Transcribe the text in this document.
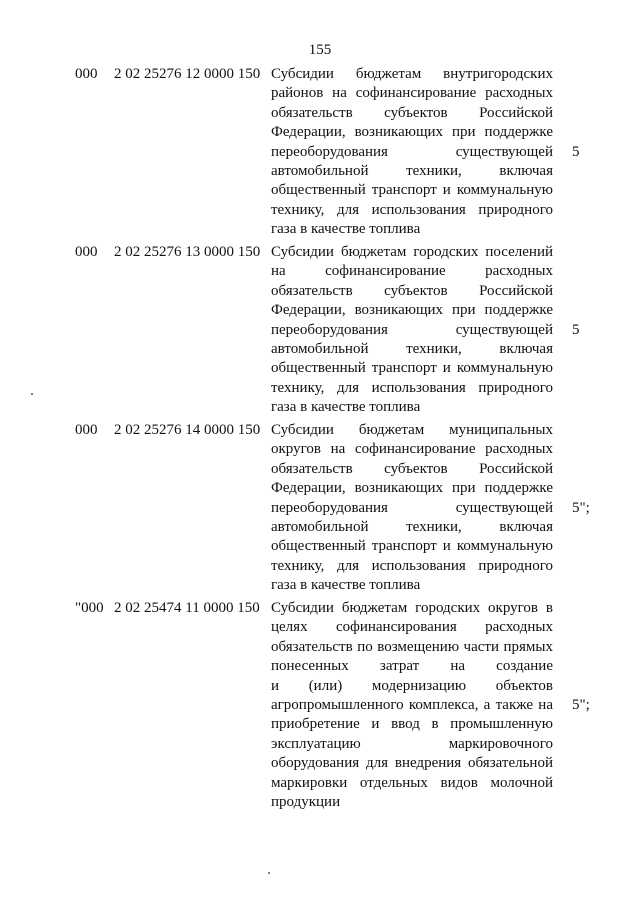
155
000 2 02 25276 12 0000 150 Субсидии бюджетам внутригородских
районов на софинансирование расходных
обязательств субъектов Российской
Федерации, возникающих при поддержке
переоборудования существующей
автомобильной техники, включая
общественный транспорт и коммунальную
технику, для использования природного
газа в качестве топлива
5
000 2 02 25276 13 0000 150 Субсидии бюджетам городских поселений
на софинансирование расходных
обязательств субъектов Российской
Федерации, возникающих при поддержке
переоборудования существующей
автомобильной техники, включая
общественный транспорт и коммунальную
технику, для использования природного
газа в качестве топлива
5
000 2 02 25276 14 0000 150 Субсидии бюджетам муниципальных
округов на софинансирование расходных
обязательств субъектов Российской
Федерации, возникающих при поддержке
переоборудования существующей
автомобильной техники, включая
общественный транспорт и коммунальную
технику, для использования природного
газа в качестве топлива
5";
"000 2 02 25474 11 0000 150 Субсидии бюджетам городских округов в
целях софинансирования расходных
обязательств по возмещению части прямых
понесенных затрат на создание
и (или) модернизацию объектов
агропромышленного комплекса, а также на
приобретение и ввод в промышленную
эксплуатацию маркировочного
оборудования для внедрения обязательной
маркировки отдельных видов молочной
продукции
5";
